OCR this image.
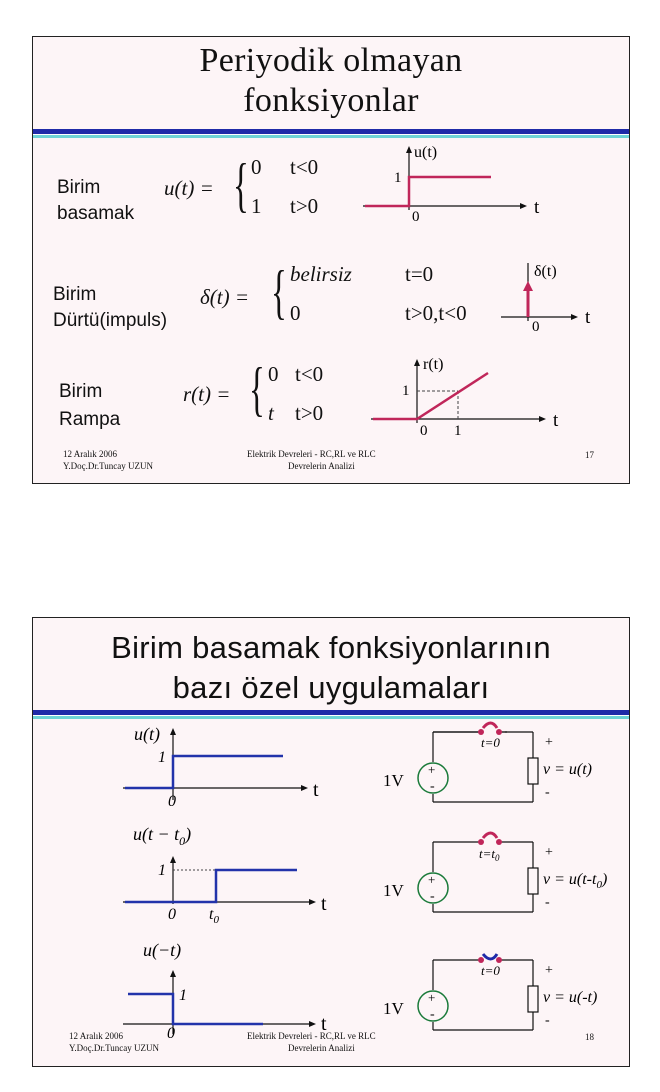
Periyodik olmayan
fonksiyonlar
Birim
basamak
u(t) = { 0 t<0
1 t>0
u(t)
1
0	t
Birim
Dürtü(impuls)
δ(t) = { belirsiz	t=0
0	t>0,t<0
δ(t)
0 t
Birim
Rampa
r(t) = { 0 t<0
t t>0
r(t)
1
0 1	t
12 Aralık 2006
Y.Doç.Dr.Tuncay UZUN
Elektrik Devreleri - RC,RL ve RLC
Devrelerin Analizi
17
Birim basamak fonksiyonlarının
bazı özel uygulamaları
u(t)
1
0
t
$u(t - t_0)$
1
0 $t_0$
t
u(−t)
1
0	t
+
-
t=0
1V
+
-
v = u(t)
+
-
$t=t_0$
1V
+
-
$v = u(t-t_0)$
+
-
t=0
1V
+
-
v = u(-t)
12 Aralık 2006
Y.Doç.Dr.Tuncay UZUN
Elektrik Devreleri - RC,RL ve RLC
Devrelerin Analizi
18
